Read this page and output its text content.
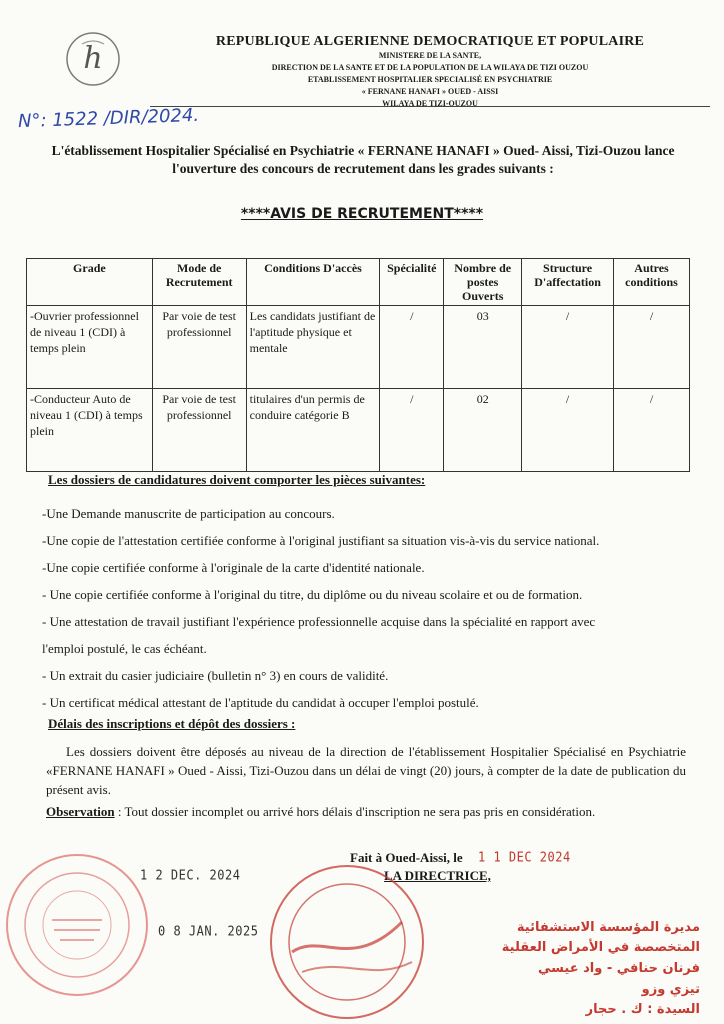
h	REPUBLIQUE ALGERIENNE DEMOCRATIQUE ET POPULAIRE
MINISTERE DE LA SANTE,
DIRECTION DE LA SANTE ET DE LA POPULATION DE LA WILAYA DE TIZI OUZOU
ETABLISSEMENT HOSPITALIER SPECIALISÉ EN PSYCHIATRIE
« FERNANE HANAFI » OUED - AISSI
WILAYA DE TIZI-OUZOU
N°: 1522 /DIR/2024.
L'établissement Hospitalier Spécialisé en Psychiatrie « FERNANE HANAFI » Oued- Aissi, Tizi-Ouzou lance l'ouverture des concours de recrutement dans les grades suivants :
****AVIS DE RECRUTEMENT****
Grade	Mode de Recrutement	Conditions D'accès	Spécialité	Nombre de postes Ouverts	Structure D'affectation	Autres conditions
-Ouvrier professionnel de niveau 1 (CDI) à temps plein	Par voie de test professionnel	Les candidats justifiant de l'aptitude physique et mentale	/	03	/	/
-Conducteur Auto de niveau 1 (CDI) à temps plein	Par voie de test professionnel	titulaires d'un permis de conduire catégorie B	/	02	/	/
Les dossiers de candidatures doivent comporter les pièces suivantes:
-Une Demande manuscrite de participation au concours.
-Une copie de l'attestation certifiée conforme à l'original justifiant sa situation vis-à-vis du service national.
-Une copie certifiée conforme à l'originale de la carte d'identité nationale.
- Une copie certifiée conforme à l'original du titre, du diplôme ou du niveau scolaire et ou de formation.
- Une attestation de travail justifiant l'expérience professionnelle acquise dans la spécialité en rapport avec
l'emploi postulé, le cas échéant.
- Un extrait du casier judiciaire (bulletin n° 3) en cours de validité.
- Un certificat médical attestant de l'aptitude du candidat à occuper l'emploi postulé.
Délais des inscriptions et dépôt des dossiers :
Les dossiers doivent être déposés au niveau de la direction de l'établissement Hospitalier Spécialisé en Psychiatrie «FERNANE HANAFI » Oued - Aissi, Tizi-Ouzou dans un délai de vingt (20) jours, à compter de la date de publication du présent avis.
Observation : Tout dossier incomplet ou arrivé hors délais d'inscription ne sera pas pris en considération.
Fait à Oued-Aissi, le
LA DIRECTRICE,
1 2 DEC. 2024
1 1 DEC 2024
0 8 JAN. 2025	مديرة المؤسسة الاستشفائية
المتخصصة في الأمراض العقلية
فرنان حنافي - واد عيسي
تيزي وزو
السيدة : ك . حجار
